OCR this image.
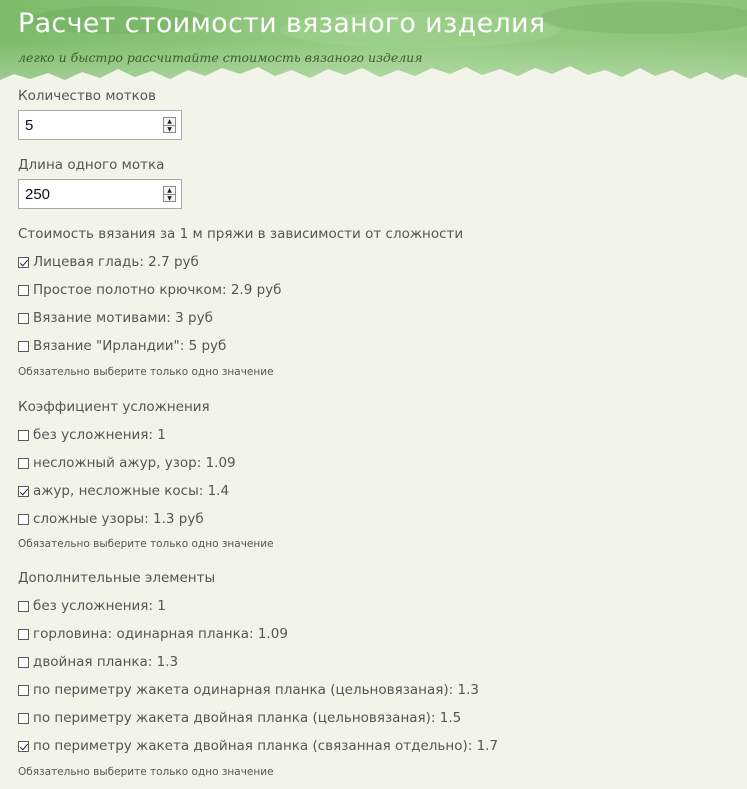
Расчет стоимости вязаного изделия
легко и быстро рассчитайте стоимость вязаного изделия
Количество мотков
5
▲
▼
Длина одного мотка
250
▲
▼
Стоимость вязания за 1 м пряжи в зависимости от сложности
Лицевая гладь: 2.7 руб
Простое полотно крючком: 2.9 руб
Вязание мотивами: 3 руб
Вязание "Ирландии": 5 руб
Обязательно выберите только одно значение
Коэффициент усложнения
без усложнения: 1
несложный ажур, узор: 1.09
ажур, несложные косы: 1.4
сложные узоры: 1.3 руб
Обязательно выберите только одно значение
Дополнительные элементы
без усложнения: 1
горловина: одинарная планка: 1.09
двойная планка: 1.3
по периметру жакета одинарная планка (цельновязаная): 1.3
по периметру жакета двойная планка (цельновязаная): 1.5
по периметру жакета двойная планка (связанная отдельно): 1.7
Обязательно выберите только одно значение
